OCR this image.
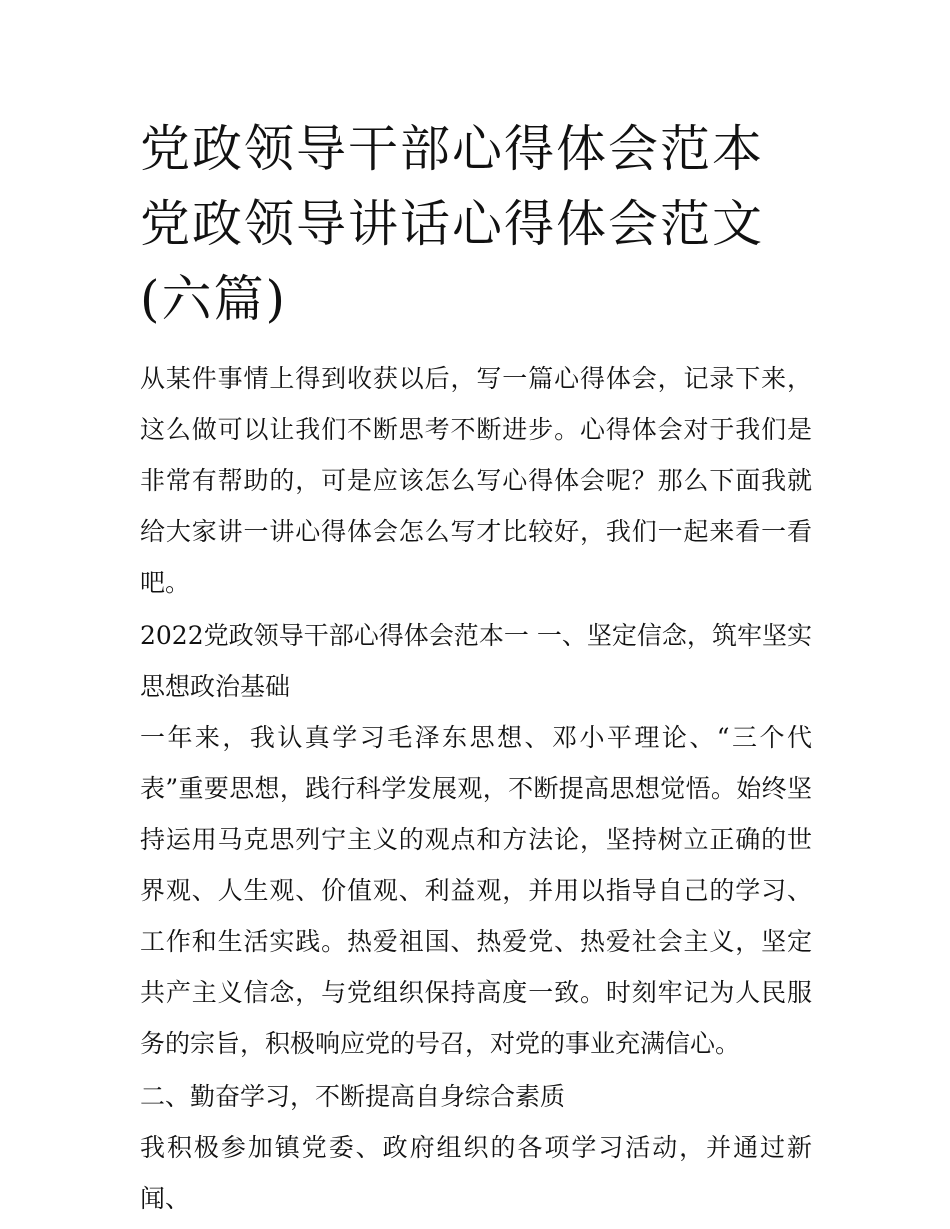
党政领导干部心得体会范本 党政领导讲话心得体会范文(六篇)

从某件事情上得到收获以后，写一篇心得体会，记录下来，这么做可以让我们不断思考不断进步。心得体会对于我们是非常有帮助的，可是应该怎么写心得体会呢？那么下面我就给大家讲一讲心得体会怎么写才比较好，我们一起来看一看吧。

2022党政领导干部心得体会范本一 一、坚定信念，筑牢坚实思想政治基础

一年来，我认真学习毛泽东思想、邓小平理论、“三个代表”重要思想，践行科学发展观，不断提高思想觉悟。始终坚持运用马克思列宁主义的观点和方法论，坚持树立正确的世界观、人生观、价值观、利益观，并用以指导自己的学习、工作和生活实践。热爱祖国、热爱党、热爱社会主义，坚定共产主义信念，与党组织保持高度一致。时刻牢记为人民服务的宗旨，积极响应党的号召，对党的事业充满信心。

二、勤奋学习，不断提高自身综合素质

我积极参加镇党委、政府组织的各项学习活动，并通过新闻、
